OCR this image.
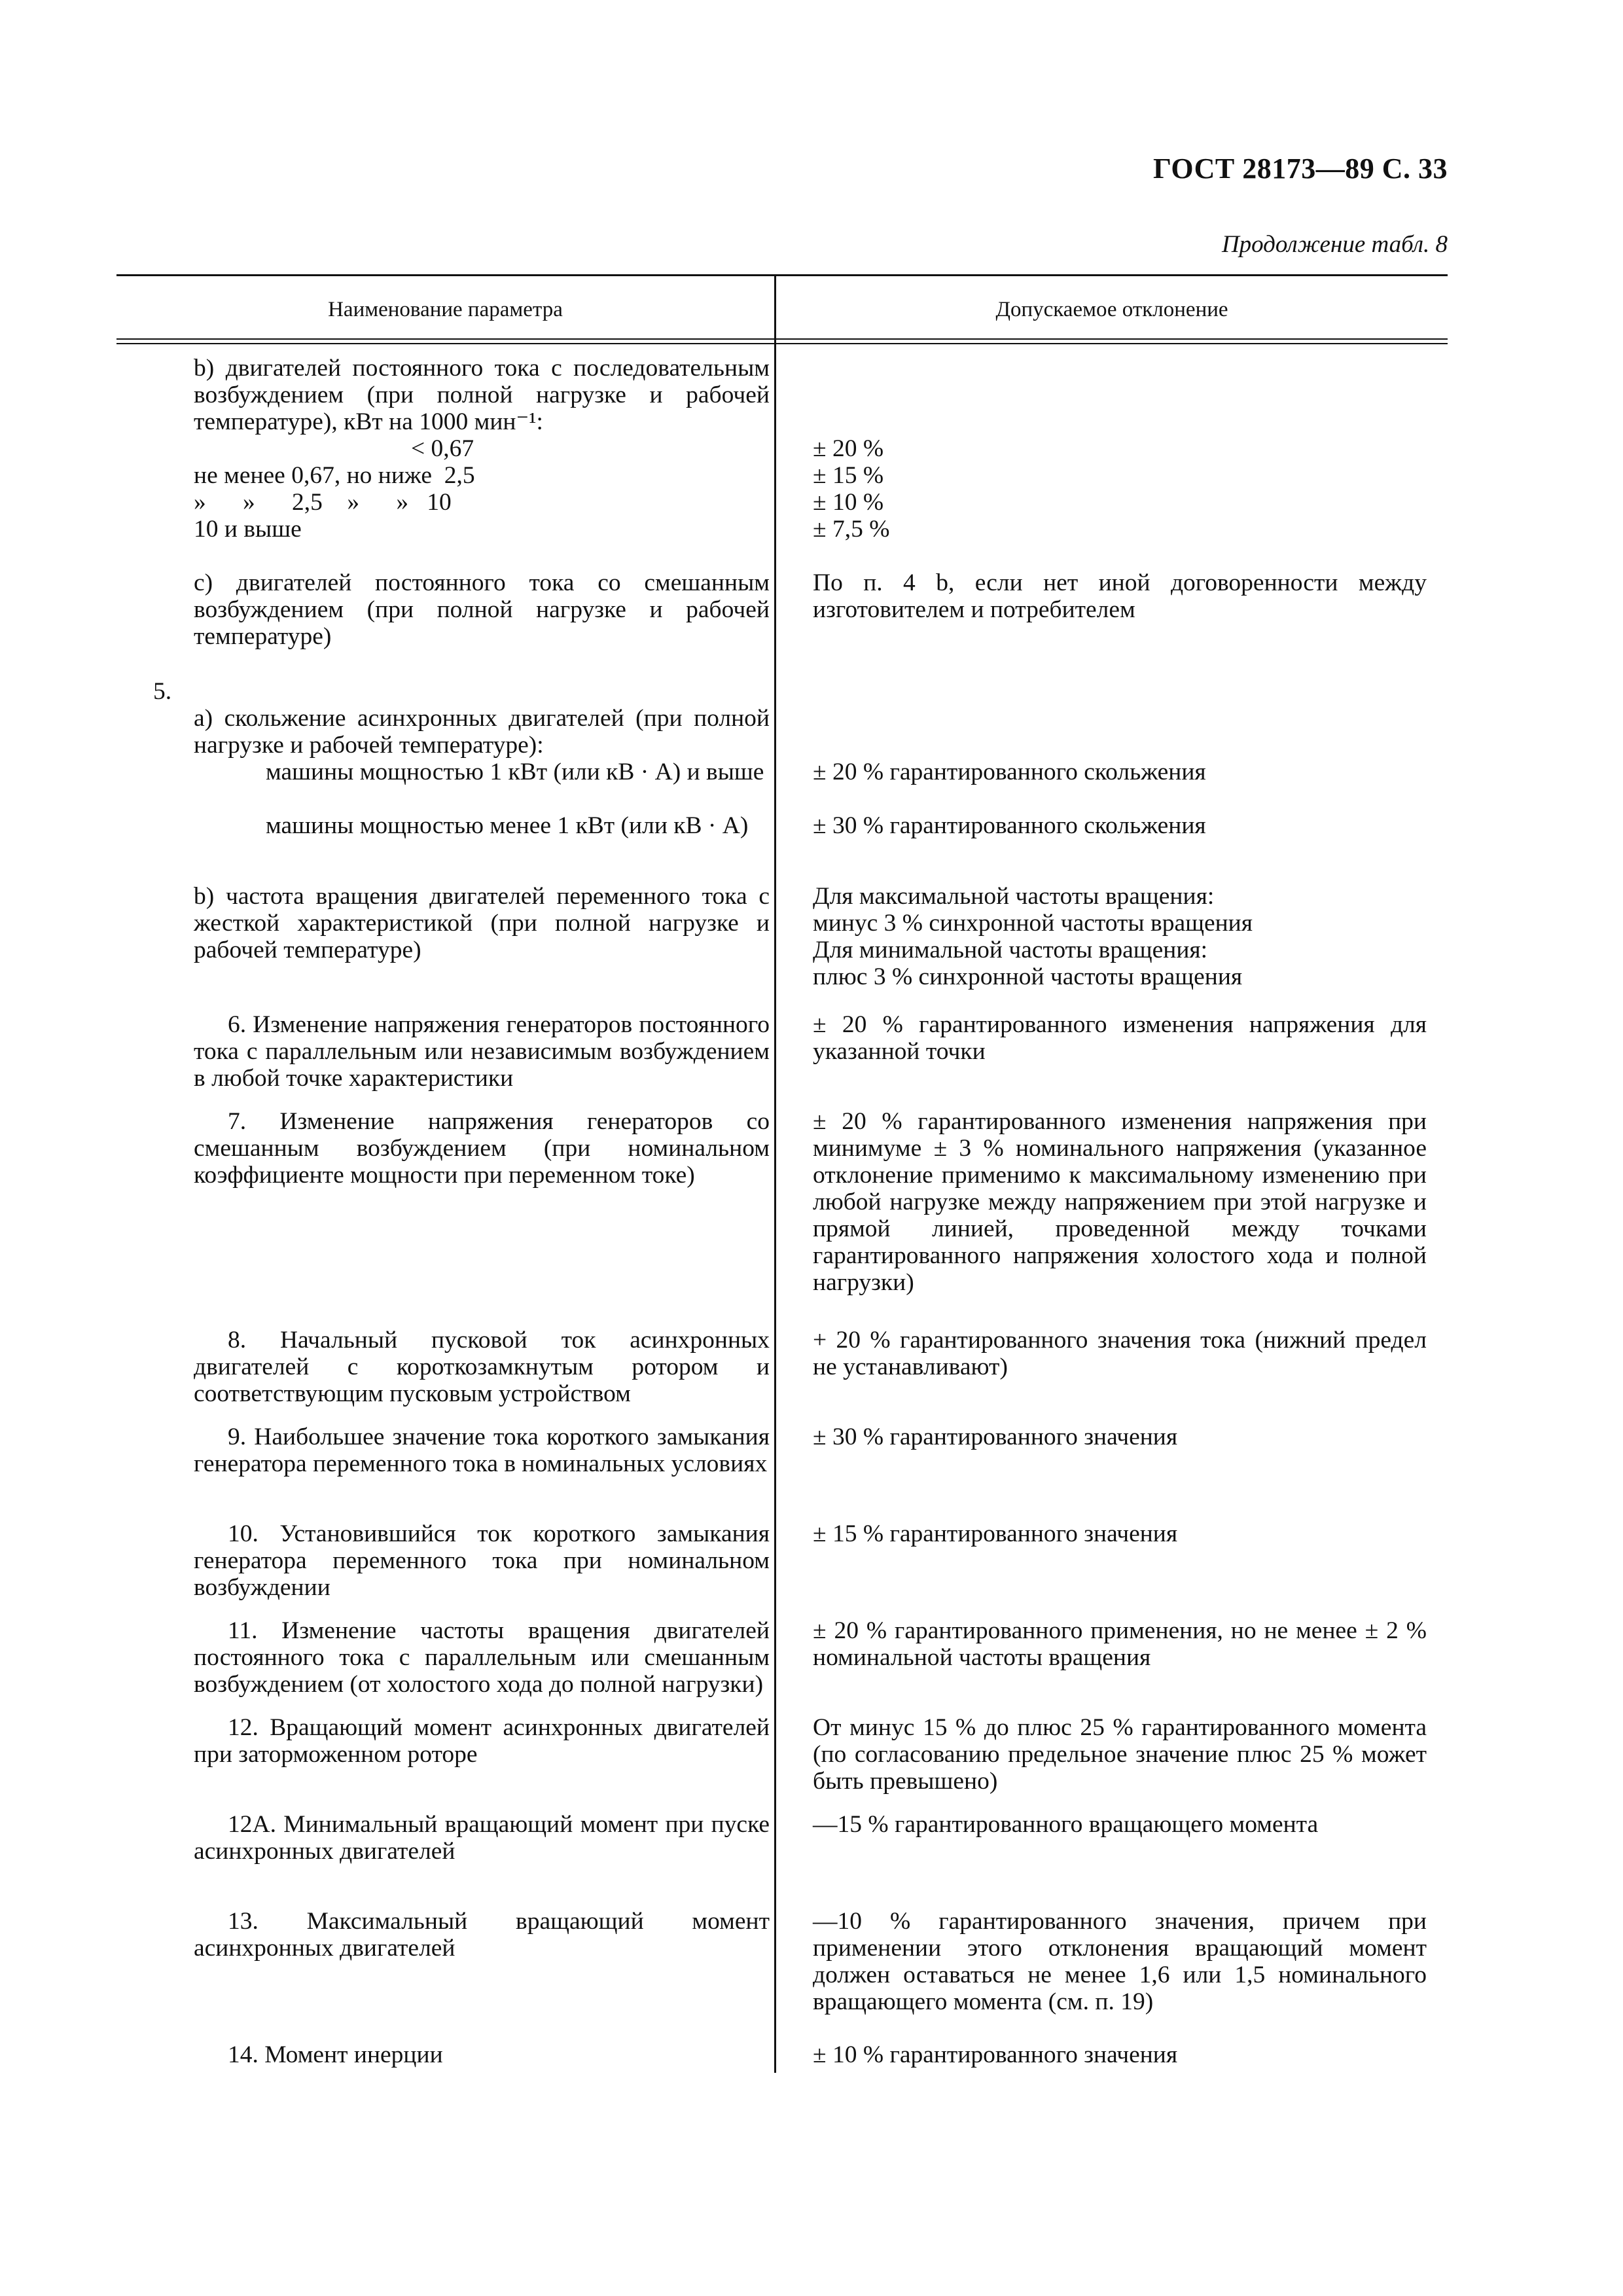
ГОСТ 28173—89 С. 33
Продолжение табл. 8
Наименование параметра	Допускаемое отклонение
b) двигателей постоянного тока с последовательным возбуждением (при полной нагрузке и рабочей температуре), кВт на 1000 мин⁻¹:
< 0,67
не менее 0,67, но ниже  2,5
»      »      2,5    »      »   10
10 и выше
± 20 %
± 15 %
± 10 %
± 7,5 %
с) двигателей постоянного тока со смешанным возбуждением (при полной нагрузке и рабочей температуре)
По п. 4 b, если нет иной договоренности между изготовителем и потребителем
5.
а) скольжение асинхронных двигателей (при полной нагрузке и рабочей температуре):
машины мощностью 1 кВт (или кВ · А) и выше
машины мощностью менее 1 кВт (или кВ · А)
± 20 % гарантированного скольжения
± 30 % гарантированного скольжения
b) частота вращения двигателей переменного тока с жесткой характеристикой (при полной нагрузке и рабочей температуре)
Для максимальной частоты вращения:
минус 3 % синхронной частоты вращения
Для минимальной частоты вращения:
плюс 3 % синхронной частоты вращения
6. Изменение напряжения генераторов постоянного тока с параллельным или независимым возбуждением в любой точке характеристики
± 20 % гарантированного изменения напряжения для указанной точки
7. Изменение напряжения генераторов со смешанным возбуждением (при номинальном коэффициенте мощности при переменном токе)
± 20 % гарантированного изменения напряжения при минимуме ± 3 % номинального напряжения (указанное отклонение применимо к максимальному изменению при любой нагрузке между напряжением при этой нагрузке и прямой линией, проведенной между точками гарантированного напряжения холостого хода и полной нагрузки)
8. Начальный пусковой ток асинхронных двигателей с короткозамкнутым ротором и соответствующим пусковым устройством
+ 20 % гарантированного значения тока (нижний предел не устанавливают)
9. Наибольшее значение тока короткого замыкания генератора переменного тока в номинальных условиях
± 30 % гарантированного значения
10. Установившийся ток короткого замыкания генератора переменного тока при номинальном возбуждении
± 15 % гарантированного значения
11. Изменение частоты вращения двигателей постоянного тока с параллельным или смешанным возбуждением (от холостого хода до полной нагрузки)
± 20 % гарантированного применения, но не менее ± 2 % номинальной частоты вращения
12. Вращающий момент асинхронных двигателей при заторможенном роторе
От минус 15 % до плюс 25 % гарантированного момента (по согласованию предельное значение плюс 25 % может быть превышено)
12А. Минимальный вращающий момент при пуске асинхронных двигателей
—15 % гарантированного вращающего момента
13. Максимальный вращающий момент асинхронных двигателей
—10 % гарантированного значения, причем при применении этого отклонения вращающий момент должен оставаться не менее 1,6 или 1,5 номинального вращающего момента (см. п. 19)
14. Момент инерции	± 10 % гарантированного значения
